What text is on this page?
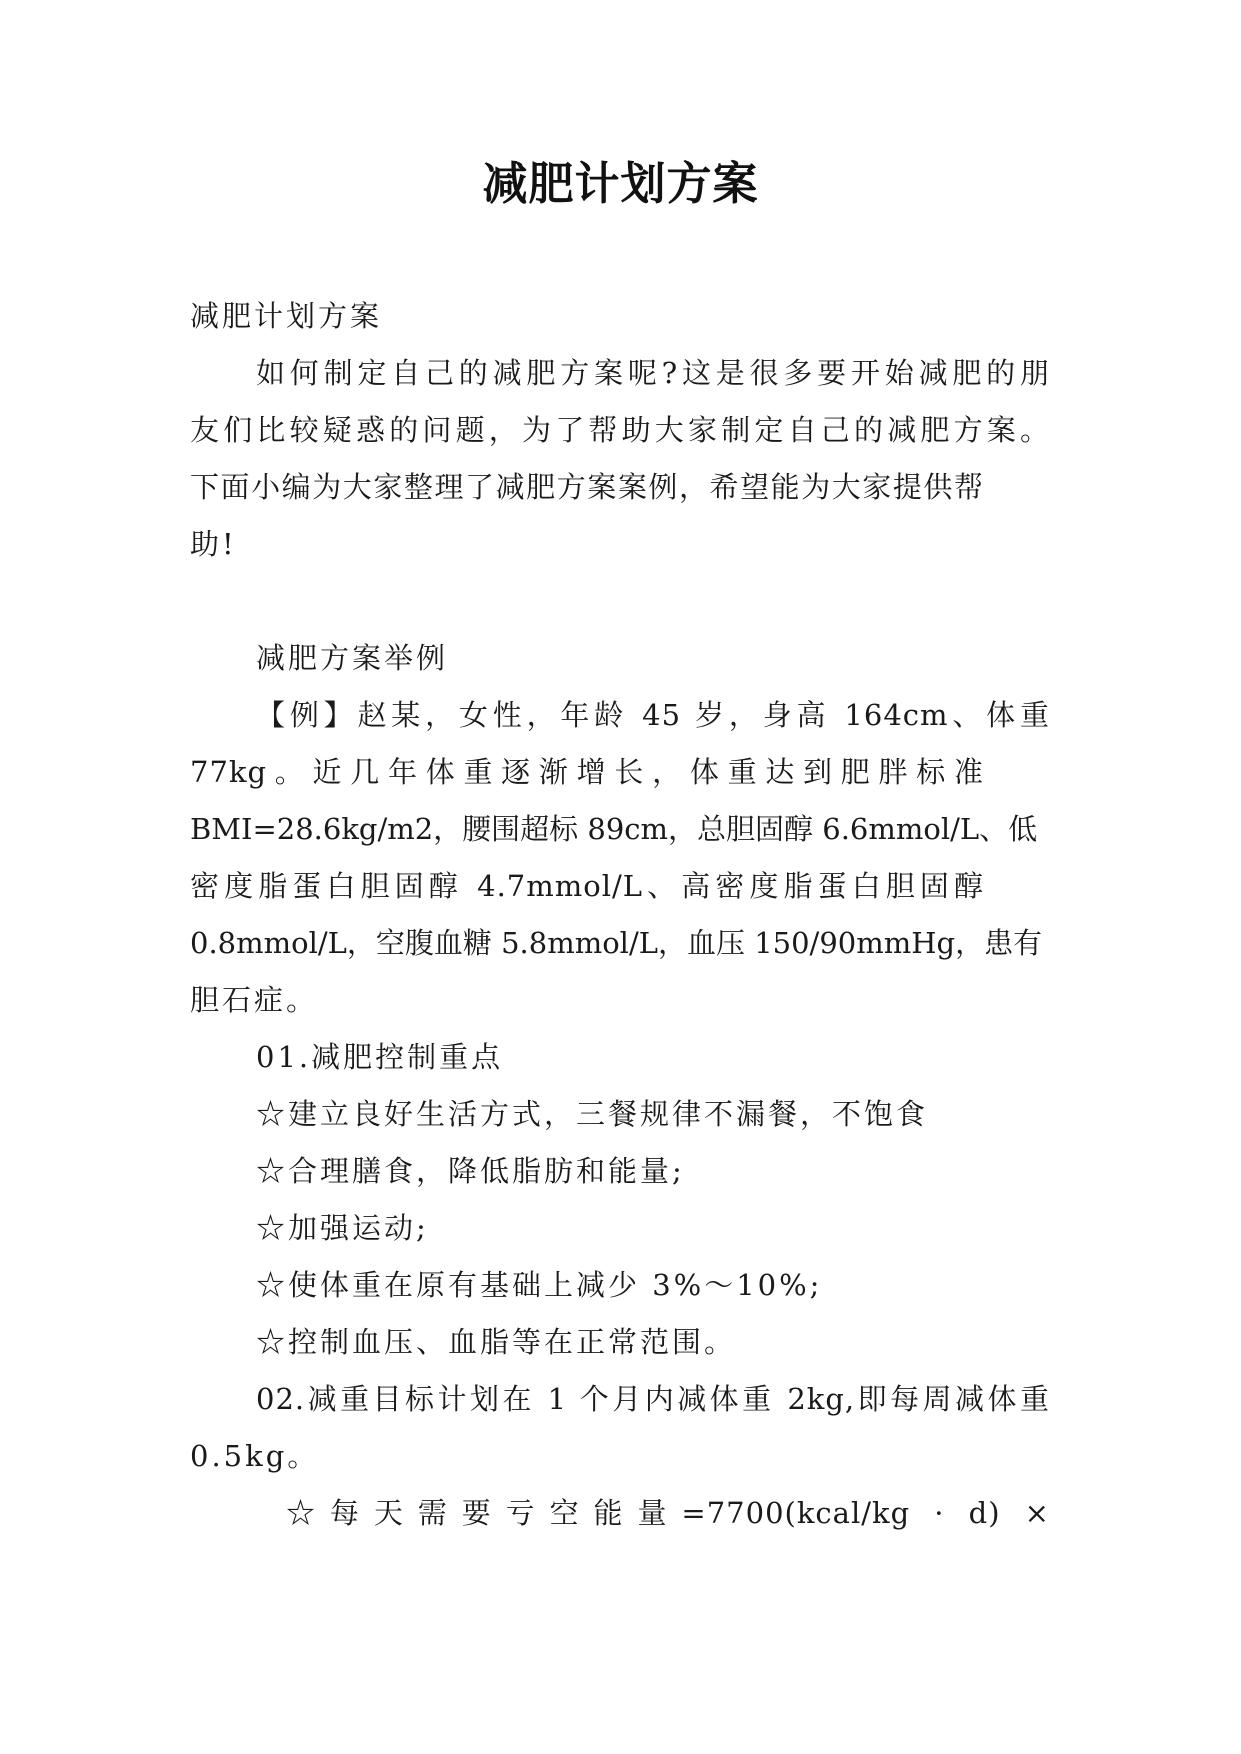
减肥计划方案
减肥计划方案
如何制定自己的减肥方案呢?这是很多要开始减肥的朋
友们比较疑惑的问题，为了帮助大家制定自己的减肥方案。
下面小编为大家整理了减肥方案案例，希望能为大家提供帮
助!
减肥方案举例
【例】赵某，女性，年龄 45 岁，身高 164cm、体重
77kg。近几年体重逐渐增长，体重达到肥胖标准
BMI=28.6kg/m2，腰围超标 89cm，总胆固醇 6.6mmol/L、低
密度脂蛋白胆固醇 4.7mmol/L、高密度脂蛋白胆固醇
0.8mmol/L，空腹血糖 5.8mmol/L，血压 150/90mmHg，患有
胆石症。
01.减肥控制重点
☆建立良好生活方式，三餐规律不漏餐，不饱食
☆合理膳食，降低脂肪和能量;
☆加强运动;
☆使体重在原有基础上减少 3%～10%;
☆控制血压、血脂等在正常范围。
02.减重目标计划在 1 个月内减体重 2kg,即每周减体重
0.5kg。
☆每天需要亏空能量=7700(kcal/kg · d) ×
